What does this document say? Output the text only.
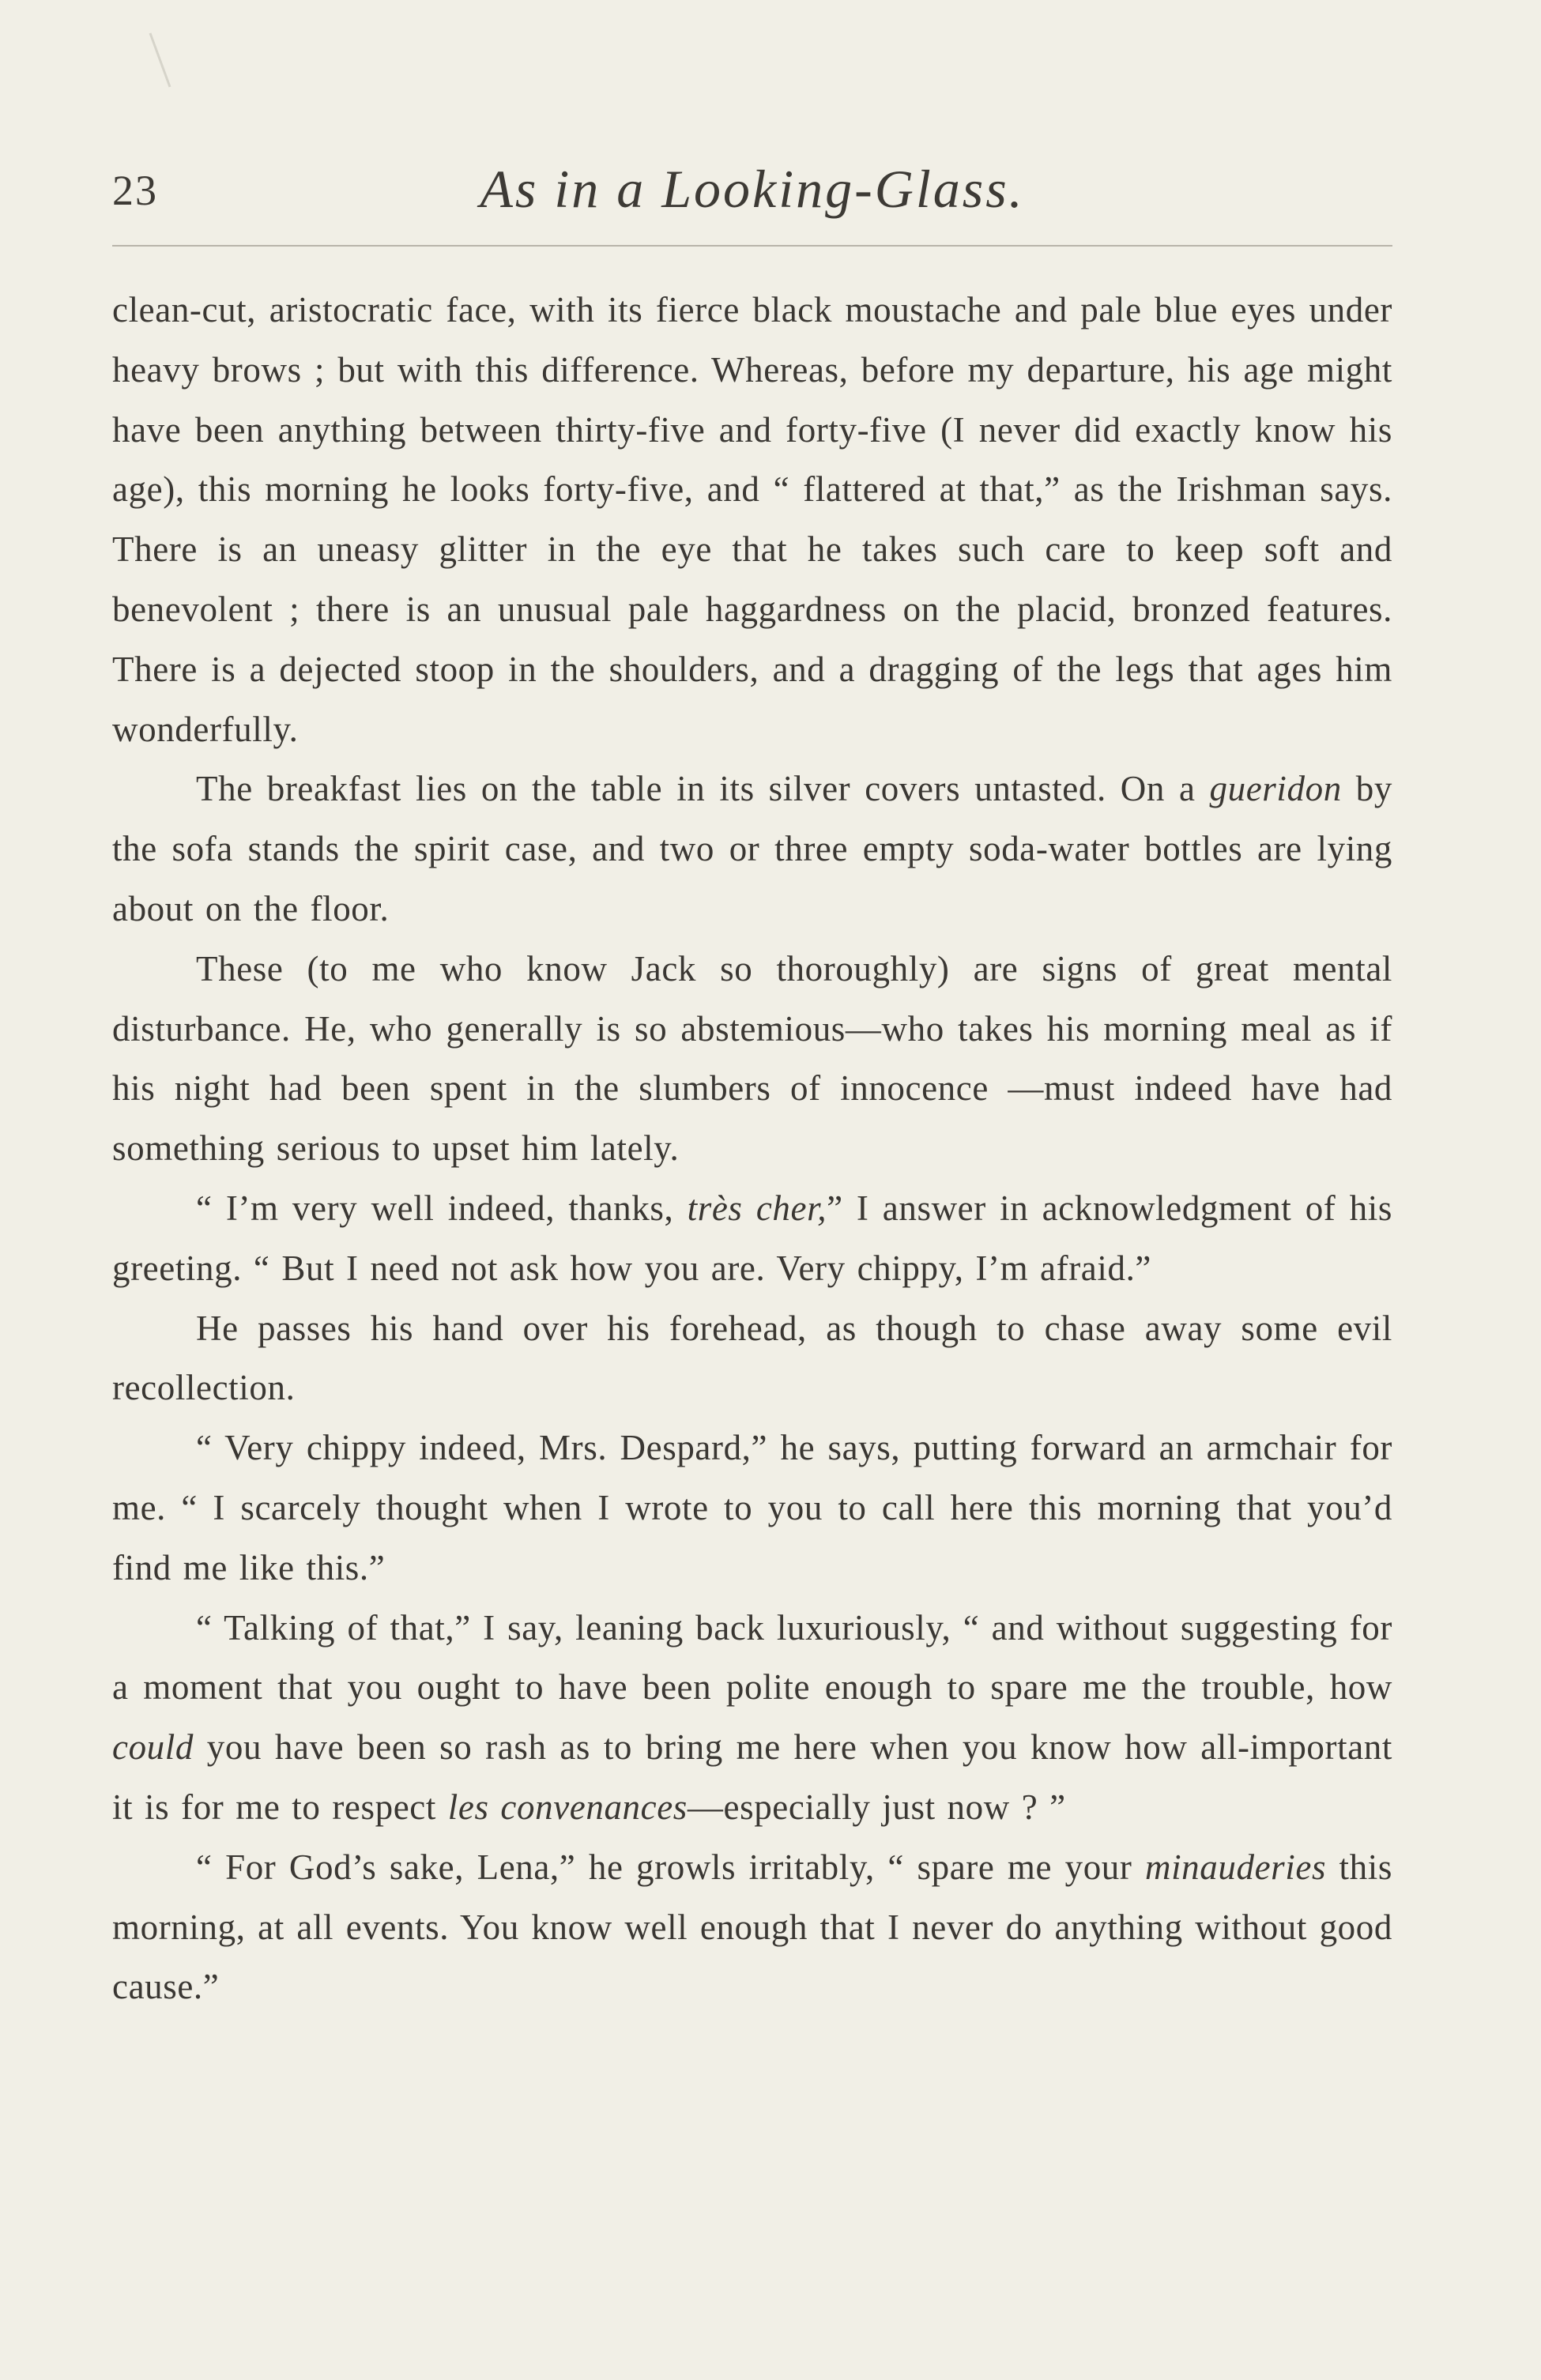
23	As in a Looking-Glass.

clean-cut, aristocratic face, with its fierce black moustache and pale blue eyes under heavy brows ; but with this difference. Whereas, before my departure, his age might have been anything between thirty-five and forty-five (I never did exactly know his age), this morning he looks forty-five, and “ flattered at that,” as the Irishman says. There is an uneasy glitter in the eye that he takes such care to keep soft and benevolent ; there is an unusual pale haggardness on the placid, bronzed features. There is a dejected stoop in the shoulders, and a dragging of the legs that ages him wonderfully.

The breakfast lies on the table in its silver covers untasted. On a gueridon by the sofa stands the spirit case, and two or three empty soda-water bottles are lying about on the floor.

These (to me who know Jack so thoroughly) are signs of great mental disturbance. He, who generally is so abstemious—who takes his morning meal as if his night had been spent in the slumbers of innocence —must indeed have had something serious to upset him lately.

“ I’m very well indeed, thanks, très cher,” I answer in acknowledgment of his greeting. “ But I need not ask how you are. Very chippy, I’m afraid.”

He passes his hand over his forehead, as though to chase away some evil recollection.

“ Very chippy indeed, Mrs. Despard,” he says, putting forward an armchair for me. “ I scarcely thought when I wrote to you to call here this morning that you’d find me like this.”

“ Talking of that,” I say, leaning back luxuriously, “ and without suggesting for a moment that you ought to have been polite enough to spare me the trouble, how could you have been so rash as to bring me here when you know how all-important it is for me to respect les convenances—especially just now ? ”

“ For God’s sake, Lena,” he growls irritably, “ spare me your minauderies this morning, at all events. You know well enough that I never do anything without good cause.”
